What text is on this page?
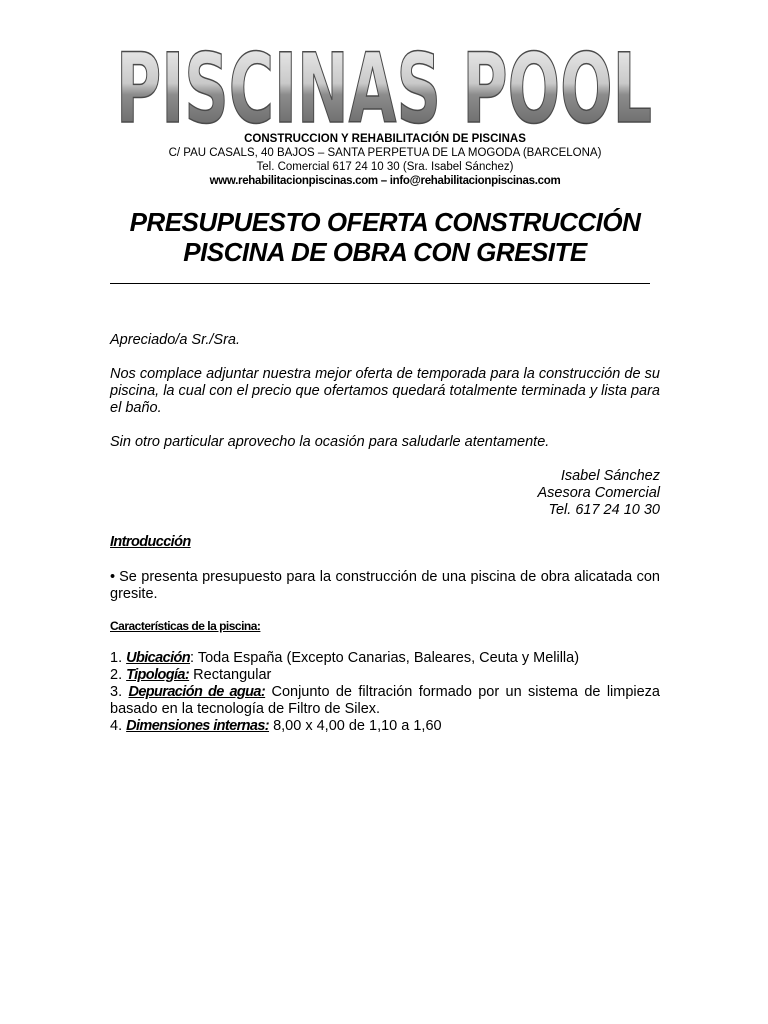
PISCINAS POOL
CONSTRUCCION Y REHABILITACIÓN DE PISCINAS
C/ PAU CASALS, 40 BAJOS – SANTA PERPETUA DE LA MOGODA (BARCELONA)
Tel. Comercial 617 24 10 30 (Sra. Isabel Sánchez)
www.rehabilitacionpiscinas.com – info@rehabilitacionpiscinas.com
PRESUPUESTO OFERTA CONSTRUCCIÓN
PISCINA DE OBRA CON GRESITE

Apreciado/a Sr./Sra.

Nos complace adjuntar nuestra mejor oferta de temporada para la construcción de su piscina, la cual con el precio que ofertamos quedará totalmente terminada y lista para el baño.

Sin otro particular aprovecho la ocasión para saludarle atentamente.

Isabel Sánchez

Asesora Comercial

Tel. 617 24 10 30

Introducción
• Se presenta presupuesto para la construcción de una piscina de obra alicatada con gresite.
Características de la piscina:
1. Ubicación: Toda España (Excepto Canarias, Baleares, Ceuta y Melilla)
2. Tipología: Rectangular
3. Depuración de agua: Conjunto de filtración formado por un sistema de limpieza basado en la tecnología de Filtro de Silex.
4. Dimensiones internas: 8,00 x 4,00 de 1,10 a 1,60
